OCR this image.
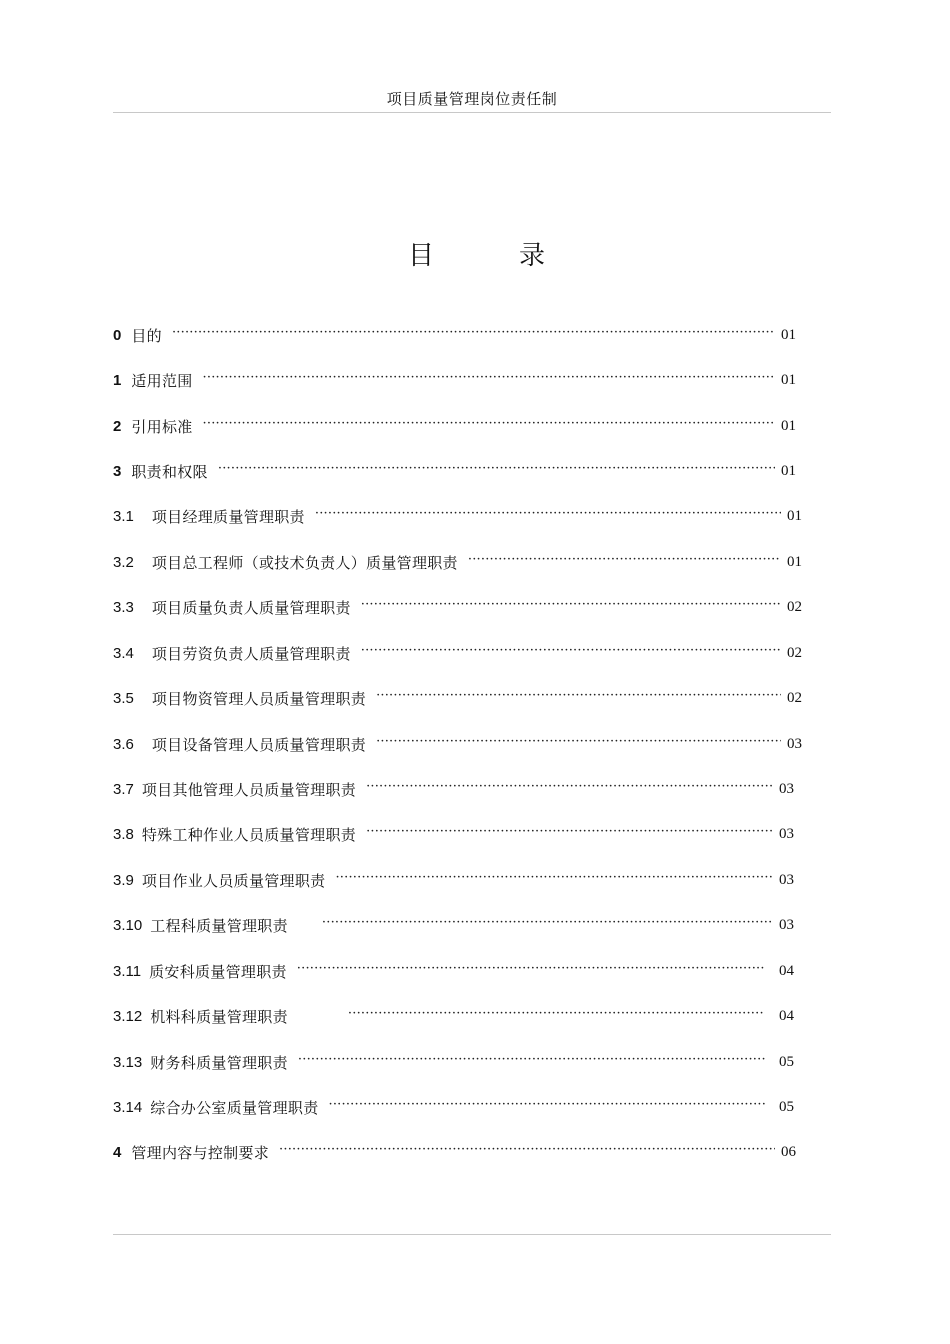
项目质量管理岗位责任制
目	录
0 目的 ·····	01
1 适用范围 ·····	01
2 引用标准 ·····	01
3 职责和权限 ·····	01
3.1 项目经理质量管理职责 ·····	01
3.2 项目总工程师（或技术负责人）质量管理职责 ·····	01
3.3 项目质量负责人质量管理职责 ·····	02
3.4 项目劳资负责人质量管理职责 ·····	02
3.5 项目物资管理人员质量管理职责 ·····	02
3.6 项目设备管理人员质量管理职责 ·····	03
3.7 项目其他管理人员质量管理职责 ·····	03
3.8 特殊工种作业人员质量管理职责 ·····	03
3.9 项目作业人员质量管理职责 ·····	03
3.10 工程科质量管理职责 ·····	03
3.11 质安科质量管理职责 ·····	04
3.12 机料科质量管理职责 ·····	04
3.13 财务科质量管理职责 ·····	05
3.14 综合办公室质量管理职责 ·····	05
4 管理内容与控制要求 ·····	06
